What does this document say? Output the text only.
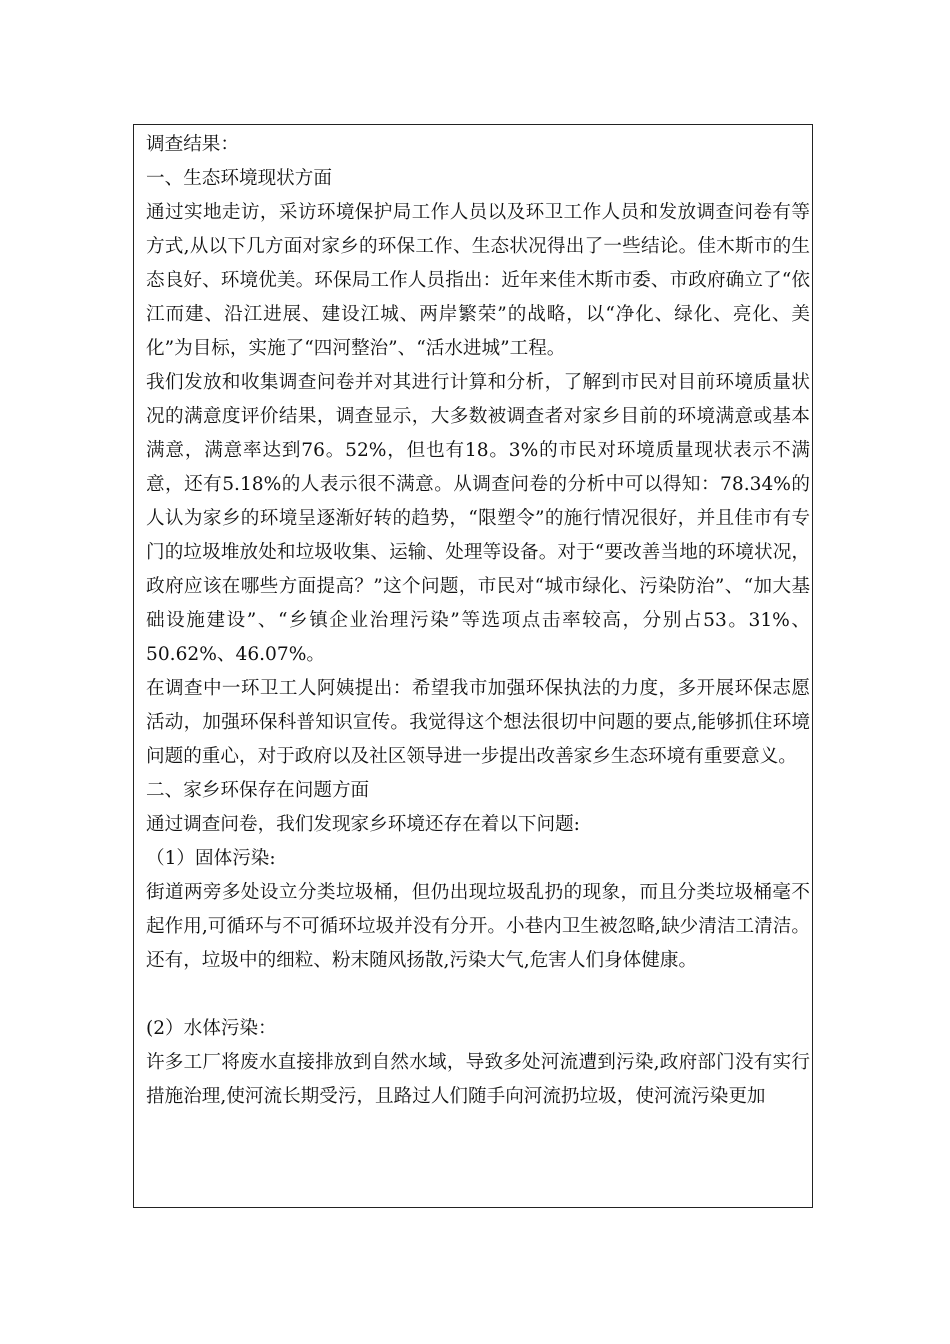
调查结果：

一、生态环境现状方面

通过实地走访，采访环境保护局工作人员以及环卫工作人员和发放调查问卷有等方式,从以下几方面对家乡的环保工作、生态状况得出了一些结论。佳木斯市的生态良好、环境优美。环保局工作人员指出：近年来佳木斯市委、市政府确立了“依江而建、沿江进展、建设江城、两岸繁荣”的战略，以“净化、绿化、亮化、美化”为目标，实施了“四河整治”、“活水进城”工程。

我们发放和收集调查问卷并对其进行计算和分析，了解到市民对目前环境质量状况的满意度评价结果，调查显示，大多数被调查者对家乡目前的环境满意或基本满意，满意率达到76。52%，但也有18。3%的市民对环境质量现状表示不满意，还有5.18%的人表示很不满意。从调查问卷的分析中可以得知：78.34%的人认为家乡的环境呈逐渐好转的趋势，“限塑令”的施行情况很好，并且佳市有专门的垃圾堆放处和垃圾收集、运输、处理等设备。对于“要改善当地的环境状况，政府应该在哪些方面提高？”这个问题，市民对“城市绿化、污染防治”、“加大基础设施建设”、“乡镇企业治理污染”等选项点击率较高，分别占53。31%、50.62%、46.07%。

在调查中一环卫工人阿姨提出：希望我市加强环保执法的力度，多开展环保志愿活动，加强环保科普知识宣传。我觉得这个想法很切中问题的要点,能够抓住环境问题的重心，对于政府以及社区领导进一步提出改善家乡生态环境有重要意义。

二、家乡环保存在问题方面

通过调查问卷，我们发现家乡环境还存在着以下问题:

（1）固体污染:

街道两旁多处设立分类垃圾桶，但仍出现垃圾乱扔的现象，而且分类垃圾桶毫不起作用,可循环与不可循环垃圾并没有分开。小巷内卫生被忽略,缺少清洁工清洁。还有，垃圾中的细粒、粉末随风扬散,污染大气,危害人们身体健康。

(2）水体污染：

许多工厂将废水直接排放到自然水域，导致多处河流遭到污染,政府部门没有实行措施治理,使河流长期受污，且路过人们随手向河流扔垃圾，使河流污染更加
